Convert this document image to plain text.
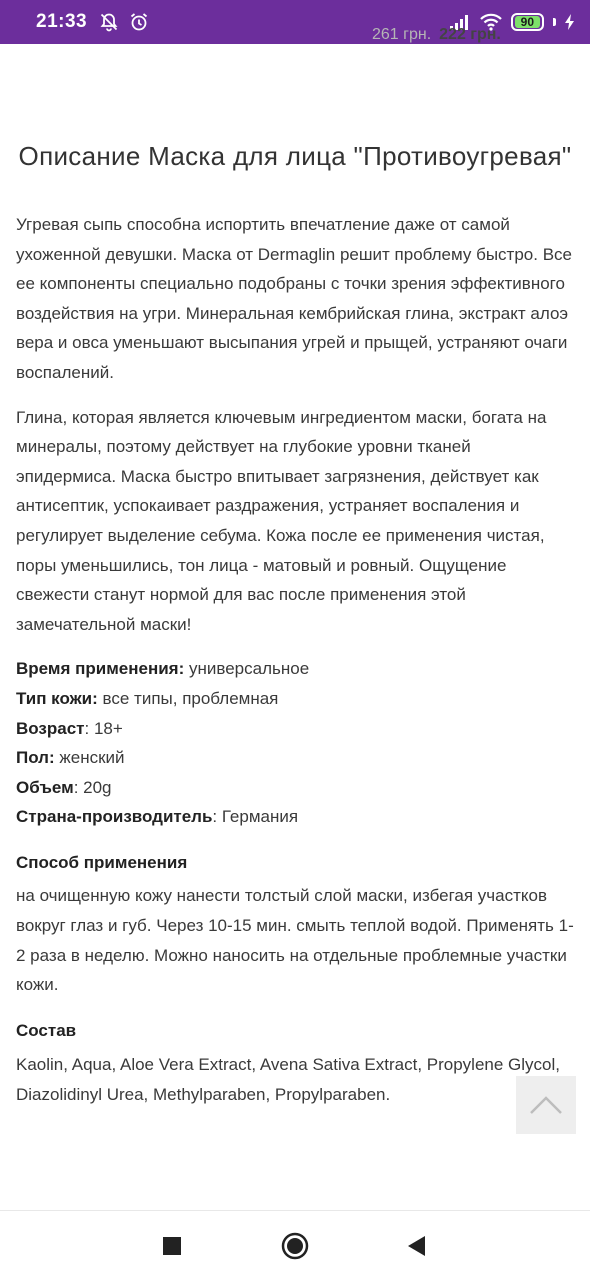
21:33	90
261 грн. 222 грн.
Описание Маска для лица "Противоугревая"

Угревая сыпь способна испортить впечатление даже от самой ухоженной девушки. Маска от Dermaglin решит проблему быстро. Все ее компоненты специально подобраны с точки зрения эффективного воздействия на угри. Минеральная кембрийская глина, экстракт алоэ вера и овса уменьшают высыпания угрей и прыщей, устраняют очаги воспалений.

Глина, которая является ключевым ингредиентом маски, богата на минералы, поэтому действует на глубокие уровни тканей эпидермиса. Маска быстро впитывает загрязнения, действует как антисептик, успокаивает раздражения, устраняет воспаления и регулирует выделение себума. Кожа после ее применения чистая, поры уменьшились, тон лица - матовый и ровный. Ощущение свежести станут нормой для вас после применения этой замечательной маски!

Время применения: универсальное
Тип кожи: все типы, проблемная
Возраст: 18+
Пол: женский
Объем: 20g
Страна-производитель: Германия
Способ применения

на очищенную кожу нанести толстый слой маски, избегая участков вокруг глаз и губ. Через 10-15 мин. смыть теплой водой. Применять 1-2 раза в неделю. Можно наносить на отдельные проблемные участки кожи.

Состав

Kaolin, Aqua, Aloe Vera Extract, Avena Sativa Extract, Propylene Glycol, Diazolidinyl Urea, Methylparaben, Propylparaben.
